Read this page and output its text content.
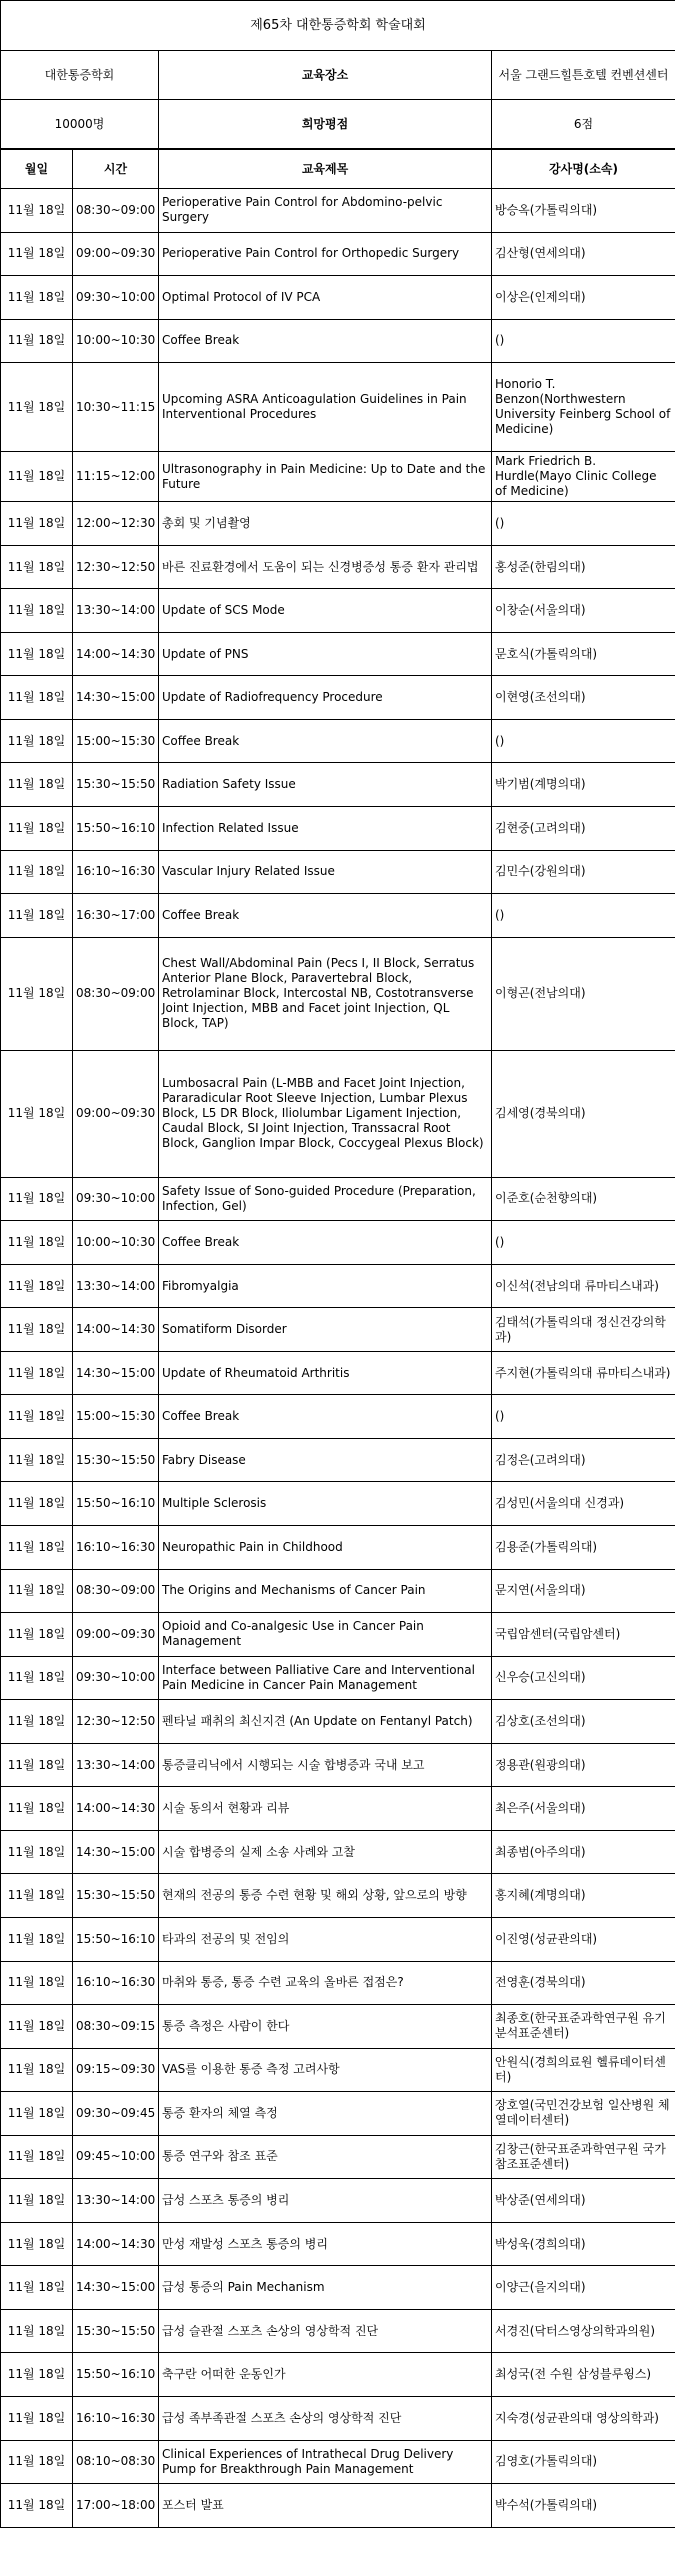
제65차 대한통증학회 학술대회		
대한통증학회	교육장소	서울 그랜드힐튼호텔 컨벤션센터
10000명	희망평점	6점
월일	시간	교육제목	강사명(소속)
11월 18일	08:30~09:00	Perioperative Pain Control for Abdomino-pelvic Surgery	방승옥(가톨릭의대)
11월 18일	09:00~09:30	Perioperative Pain Control for Orthopedic Surgery	김산형(연세의대)
11월 18일	09:30~10:00	Optimal Protocol of IV PCA	이상은(인제의대)
11월 18일	10:00~10:30	Coffee Break	()
11월 18일	10:30~11:15	Upcoming ASRA Anticoagulation Guidelines in Pain Interventional Procedures	Honorio T. Benzon(Northwestern University Feinberg School of Medicine)
11월 18일	11:15~12:00	Ultrasonography in Pain Medicine: Up to Date and the Future	Mark Friedrich B. Hurdle(Mayo Clinic College of Medicine)
11월 18일	12:00~12:30	총회 및 기념촬영	()
11월 18일	12:30~12:50	바른 진료환경에서 도움이 되는 신경병증성 통증 환자 관리법	홍성준(한림의대)
11월 18일	13:30~14:00	Update of SCS Mode	이창순(서울의대)
11월 18일	14:00~14:30	Update of PNS	문호식(가톨릭의대)
11월 18일	14:30~15:00	Update of Radiofrequency Procedure	이현영(조선의대)
11월 18일	15:00~15:30	Coffee Break	()
11월 18일	15:30~15:50	Radiation Safety Issue	박기범(계명의대)
11월 18일	15:50~16:10	Infection Related Issue	김현중(고려의대)
11월 18일	16:10~16:30	Vascular Injury Related Issue	김민수(강원의대)
11월 18일	16:30~17:00	Coffee Break	()
11월 18일	08:30~09:00	Chest Wall/Abdominal Pain (Pecs I, II Block, Serratus Anterior Plane Block, Paravertebral Block, Retrolaminar Block, Intercostal NB, Costotransverse Joint Injection, MBB and Facet joint Injection, QL Block, TAP)	이형곤(전남의대)
11월 18일	09:00~09:30	Lumbosacral Pain (L-MBB and Facet Joint Injection, Pararadicular Root Sleeve Injection, Lumbar Plexus Block, L5 DR Block, Iliolumbar Ligament Injection, Caudal Block, SI Joint Injection, Transsacral Root Block, Ganglion Impar Block, Coccygeal Plexus Block)	김세영(경북의대)
11월 18일	09:30~10:00	Safety Issue of Sono-guided Procedure (Preparation, Infection, Gel)	이준호(순천향의대)
11월 18일	10:00~10:30	Coffee Break	()
11월 18일	13:30~14:00	Fibromyalgia	이신석(전남의대 류마티스내과)
11월 18일	14:00~14:30	Somatiform Disorder	김태석(가톨릭의대 정신건강의학과)
11월 18일	14:30~15:00	Update of Rheumatoid Arthritis	주지현(가톨릭의대 류마티스내과)
11월 18일	15:00~15:30	Coffee Break	()
11월 18일	15:30~15:50	Fabry Disease	김정은(고려의대)
11월 18일	15:50~16:10	Multiple Sclerosis	김성민(서울의대 신경과)
11월 18일	16:10~16:30	Neuropathic Pain in Childhood	김용준(가톨릭의대)
11월 18일	08:30~09:00	The Origins and Mechanisms of Cancer Pain	문지연(서울의대)
11월 18일	09:00~09:30	Opioid and Co-analgesic Use in Cancer Pain Management	국립암센터(국립암센터)
11월 18일	09:30~10:00	Interface between Palliative Care and Interventional Pain Medicine in Cancer Pain Management	신우승(고신의대)
11월 18일	12:30~12:50	펜타닐 패취의 최신지견 (An Update on Fentanyl Patch)	김상호(조선의대)
11월 18일	13:30~14:00	통증클리닉에서 시행되는 시술 합병증과 국내 보고	정용관(원광의대)
11월 18일	14:00~14:30	시술 동의서 현황과 리뷰	최은주(서울의대)
11월 18일	14:30~15:00	시술 합병증의 실제 소송 사례와 고찰	최종범(아주의대)
11월 18일	15:30~15:50	현재의 전공의 통증 수련 현황 및 해외 상황, 앞으로의 방향	홍지혜(계명의대)
11월 18일	15:50~16:10	타과의 전공의 및 전임의	이진영(성균관의대)
11월 18일	16:10~16:30	마취와 통증, 통증 수련 교육의 올바른 접점은?	전영훈(경북의대)
11월 18일	08:30~09:15	통증 측정은 사람이 한다	최종호(한국표준과학연구원 유기분석표준센터)
11월 18일	09:15~09:30	VAS를 이용한 통증 측정 고려사항	안원식(경희의료원 헬류데이터센터)
11월 18일	09:30~09:45	통증 환자의 체열 측정	장호열(국민건강보험 일산병원 체열데이터센터)
11월 18일	09:45~10:00	통증 연구와 참조 표준	김창근(한국표준과학연구원 국가참조표준센터)
11월 18일	13:30~14:00	급성 스포츠 통증의 병리	박상준(연세의대)
11월 18일	14:00~14:30	만성 재발성 스포츠 통증의 병리	박성욱(경희의대)
11월 18일	14:30~15:00	급성 통증의 Pain Mechanism	이양근(을지의대)
11월 18일	15:30~15:50	급성 슬관절 스포츠 손상의 영상학적 진단	서경진(닥터스영상의학과의원)
11월 18일	15:50~16:10	축구란 어떠한 운동인가	최성국(전 수원 삼성블루윙스)
11월 18일	16:10~16:30	급성 족부족관절 스포츠 손상의 영상학적 진단	지숙경(성균관의대 영상의학과)
11월 18일	08:10~08:30	Clinical Experiences of Intrathecal Drug Delivery Pump for Breakthrough Pain Management	김영호(가톨릭의대)
11월 18일	17:00~18:00	포스터 발표	박수석(가톨릭의대)
